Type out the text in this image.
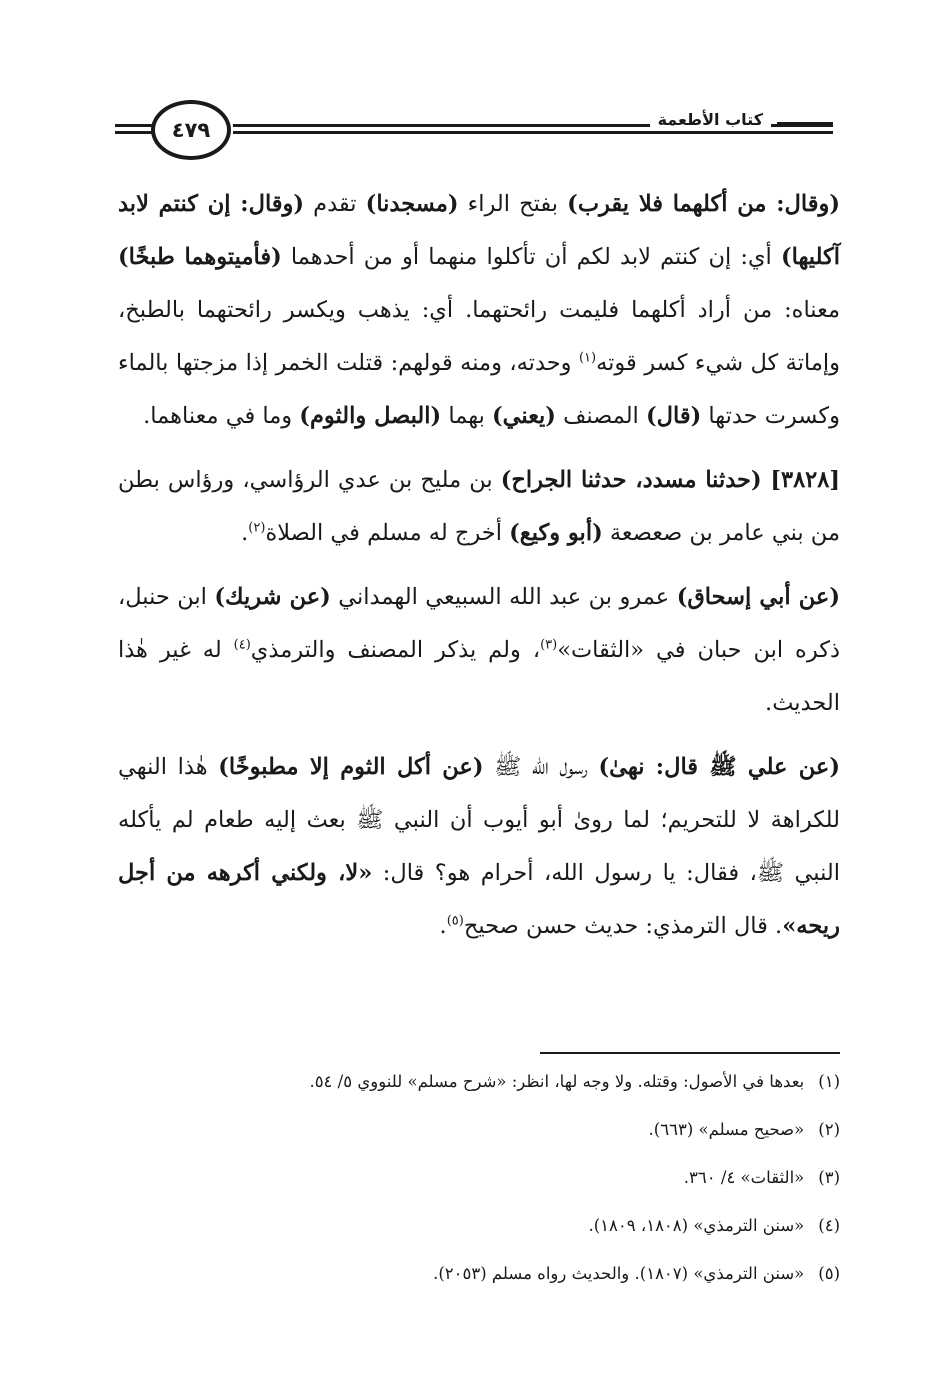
٤٧٩	كتاب الأطعمة

(وقال: من أكلهما فلا يقرب) بفتح الراء (مسجدنا) تقدم (وقال: إن كنتم لابد آكليها) أي: إن كنتم لابد لكم أن تأكلوا منهما أو من أحدهما (فأميتوهما طبخًا) معناه: من أراد أكلهما فليمت رائحتهما. أي: يذهب ويكسر رائحتهما بالطبخ، وإماتة كل شيء كسر قوته$^{(١)}$ وحدته، ومنه قولهم: قتلت الخمر إذا مزجتها بالماء وكسرت حدتها (قال) المصنف (يعني) بهما (البصل والثوم) وما في معناهما.

[٣٨٢٨] (حدثنا مسدد، حدثنا الجراح) بن مليح بن عدي الرؤاسي، ورؤاس بطن من بني عامر بن صعصعة (أبو وكيع) أخرج له مسلم في الصلاة$^{(٢)}$.

(عن أبي إسحاق) عمرو بن عبد الله السبيعي الهمداني (عن شريك) ابن حنبل، ذكره ابن حبان في «الثقات»$^{(٣)}$، ولم يذكر المصنف والترمذي$^{(٤)}$ له غير هٰذا الحديث.

(عن علي ﷺ قال: نهىٰ) رسول الله ﷺ (عن أكل الثوم إلا مطبوخًا) هٰذا النهي للكراهة لا للتحريم؛ لما روىٰ أبو أيوب أن النبي ﷺ بعث إليه طعام لم يأكله النبي ﷺ، فقال: يا رسول الله، أحرام هو؟ قال: «لا، ولكني أكرهه من أجل ريحه». قال الترمذي: حديث حسن صحيح$^{(٥)}$.

(١)بعدها في الأصول: وقتله. ولا وجه لها، انظر: «شرح مسلم» للنووي ٥/ ٥٤.
(٢)«صحيح مسلم» (٦٦٣).
(٣)«الثقات» ٤/ ٣٦٠.
(٤)«سنن الترمذي» (١٨٠٨، ١٨٠٩).
(٥)«سنن الترمذي» (١٨٠٧). والحديث رواه مسلم (٢٠٥٣).
